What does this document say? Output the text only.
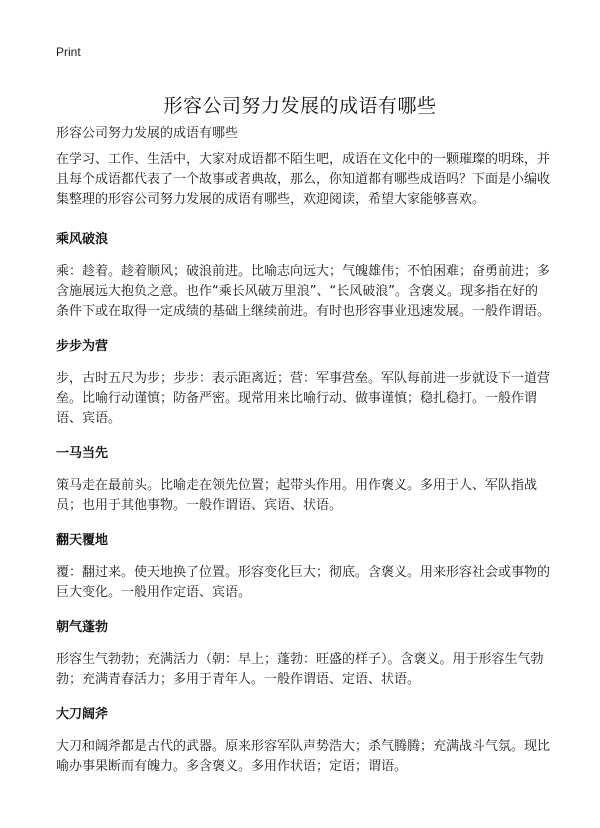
Print
形容公司努力发展的成语有哪些
形容公司努力发展的成语有哪些

在学习、工作、生活中，大家对成语都不陌生吧，成语在文化中的一颗璀璨的明珠，并且每个成语都代表了一个故事或者典故，那么，你知道都有哪些成语吗？下面是小编收集整理的形容公司努力发展的成语有哪些，欢迎阅读，希望大家能够喜欢。

乘风破浪

乘：趁着。趁着顺风；破浪前进。比喻志向远大；气魄雄伟；不怕困难；奋勇前进；多含施展远大抱负之意。也作“乘长风破万里浪”、“长风破浪”。含褒义。现多指在好的条件下或在取得一定成绩的基础上继续前进。有时也形容事业迅速发展。一般作谓语。

步步为营

步，古时五尺为步；步步：表示距离近；营：军事营垒。军队每前进一步就设下一道营垒。比喻行动谨慎；防备严密。现常用来比喻行动、做事谨慎；稳扎稳打。一般作谓语、宾语。

一马当先

策马走在最前头。比喻走在领先位置；起带头作用。用作褒义。多用于人、军队指战员；也用于其他事物。一般作谓语、宾语、状语。

翻天覆地

覆：翻过来。使天地换了位置。形容变化巨大；彻底。含褒义。用来形容社会或事物的巨大变化。一般用作定语、宾语。

朝气蓬勃

形容生气勃勃；充满活力（朝：早上；蓬勃：旺盛的样子）。含褒义。用于形容生气勃勃；充满青春活力；多用于青年人。一般作谓语、定语、状语。

大刀阔斧

大刀和阔斧都是古代的武器。原来形容军队声势浩大；杀气腾腾；充满战斗气氛。现比喻办事果断而有魄力。多含褒义。多用作状语；定语；谓语。
